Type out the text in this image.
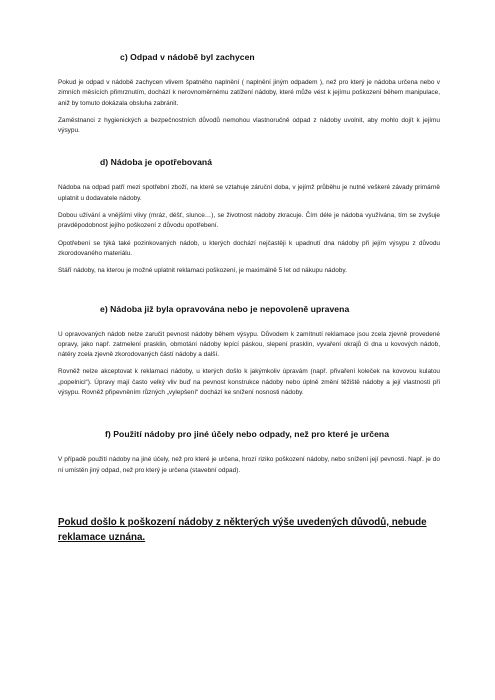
c) Odpad v nádobě byl zachycen

Pokud je odpad v nádobě zachycen vlivem špatného naplnění ( naplnění jiným odpadem ), než pro který je nádoba určena nebo v zimních měsících přimrznutím, dochází k nerovnoměrnému zatížení nádoby, které může vést k jejímu poškození během manipulace, aniž by tomuto dokázala obsluha zabránit.

Zaměstnanci z hygienických a bezpečnostních důvodů nemohou vlastnoručně odpad z nádoby uvolnit, aby mohlo dojít k jejímu výsypu.

d) Nádoba je opotřebovaná

Nádoba na odpad patří mezi spotřební zboží, na které se vztahuje záruční doba, v jejímž průběhu je nutné veškeré závady primárně uplatnit u dodavatele nádoby.

Dobou užívání a vnějšími vlivy (mráz, déšť, slunce…), se životnost nádoby zkracuje. Čím déle je nádoba využívána, tím se zvyšuje pravděpodobnost jejího poškození z důvodu opotřebení.

Opotřebení se týká také pozinkovaných nádob, u kterých dochází nejčastěji k upadnutí dna nádoby při jejím výsypu z důvodu zkorodovaného materiálu.

Stáří nádoby, na kterou je možné uplatnit reklamaci poškození, je maximálně 5 let od nákupu nádoby.

e) Nádoba již byla opravována nebo je nepovoleně upravena

U opravovaných nádob nelze zaručit pevnost nádoby během výsypu. Důvodem k zamítnutí reklamace jsou zcela zjevně provedené opravy, jako např. zatmelení prasklin, obmotání nádoby lepící páskou, slepení prasklin, vyvaření okrajů či dna u kovových nádob, nátěry zcela zjevně zkorodovaných částí nádoby a další.

Rovněž nelze akceptovat k reklamaci nádoby, u kterých došlo k jakýmkoliv úpravám (např. přivaření koleček na kovovou kulatou „popelnici“). Úpravy mají často velký vliv buď na pevnost konstrukce nádoby nebo úplně změní těžiště nádoby a její vlastnosti při výsypu. Rovněž připevněním různých „vylepšení“ dochází ke snížení nosnosti nádoby.

f) Použití nádoby pro jiné účely nebo odpady, než pro které je určena

V případě použití nádoby na jiné účely, než pro které je určena, hrozí riziko poškození nádoby, nebo snížení její pevnosti. Např. je do ní umístěn jiný odpad, než pro který je určena (stavební odpad).

Pokud došlo k poškození nádoby z některých výše uvedených důvodů, nebude reklamace uznána.
